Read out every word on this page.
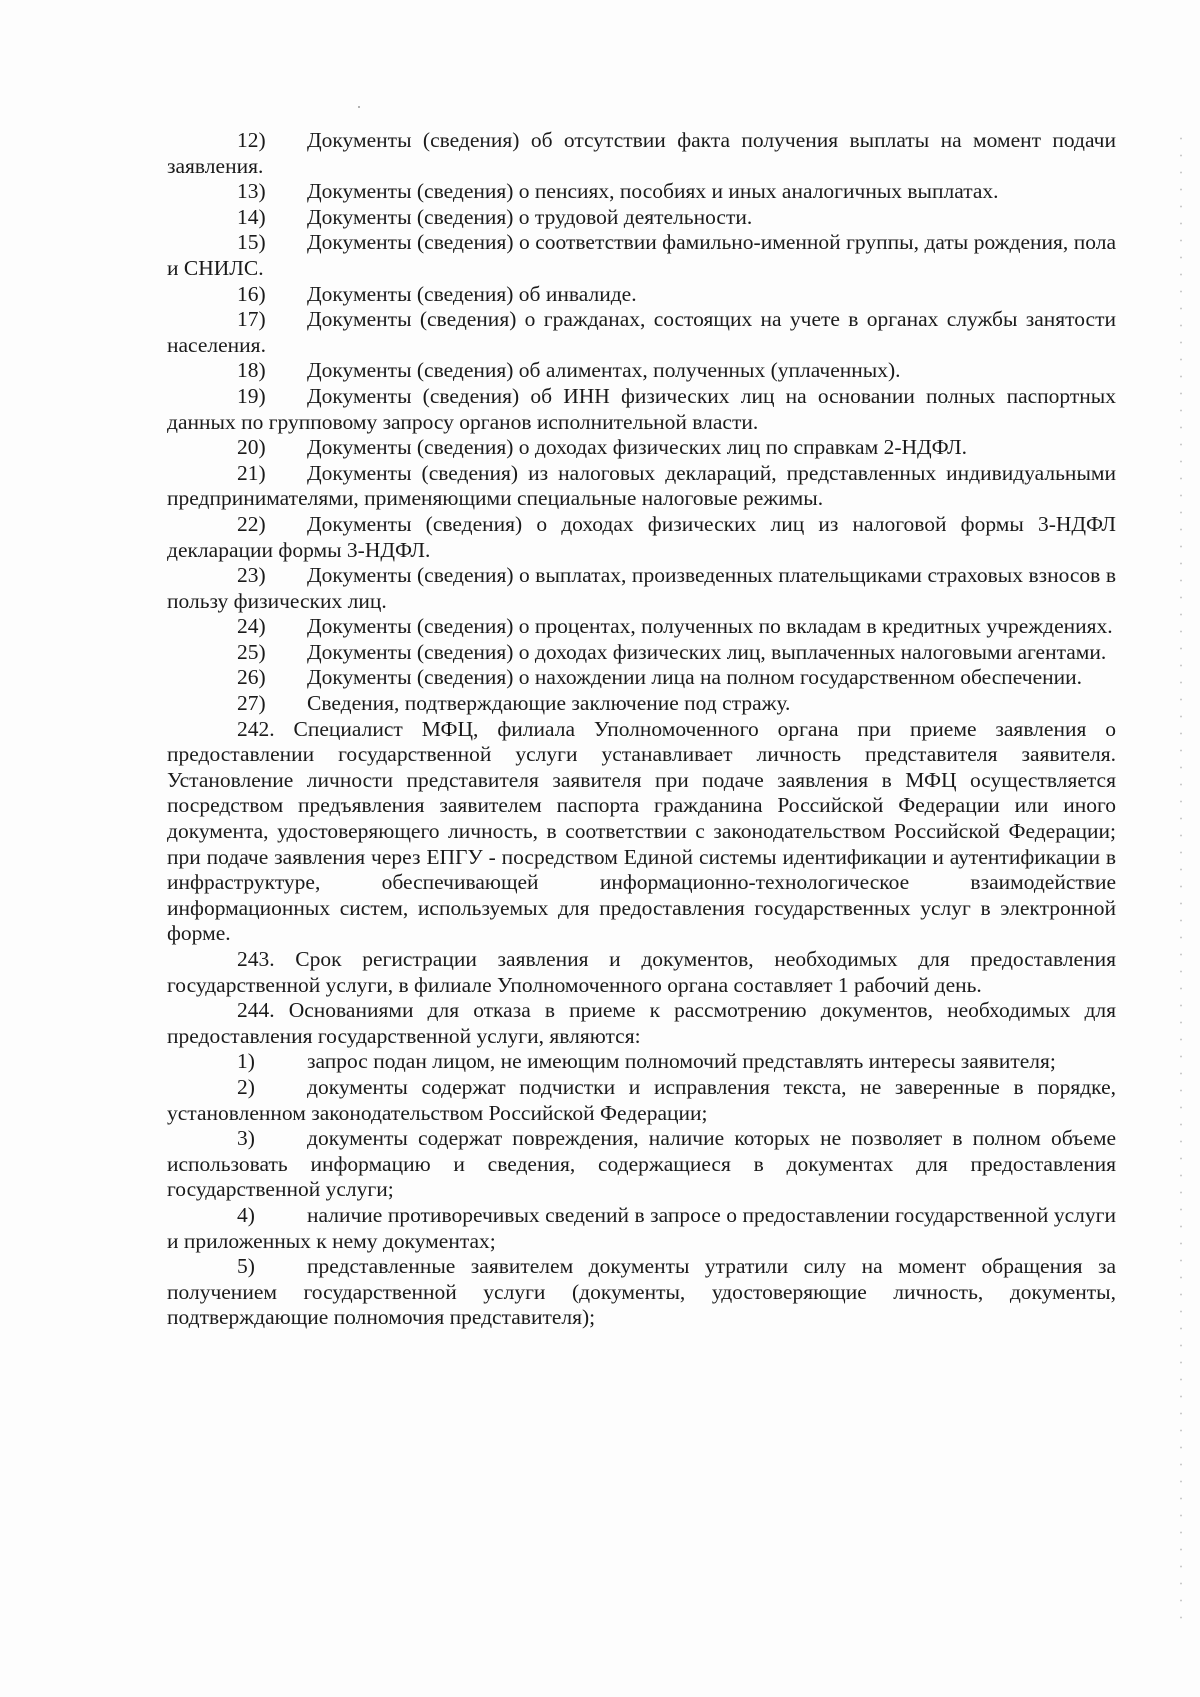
12) Документы (сведения) об отсутствии факта получения выплаты на момент подачи заявления.

13) Документы (сведения) о пенсиях, пособиях и иных аналогичных выплатах.

14) Документы (сведения) о трудовой деятельности.

15) Документы (сведения) о соответствии фамильно-именной группы, даты рождения, пола и СНИЛС.

16) Документы (сведения) об инвалиде.

17) Документы (сведения) о гражданах, состоящих на учете в органах службы занятости населения.

18) Документы (сведения) об алиментах, полученных (уплаченных).

19) Документы (сведения) об ИНН физических лиц на основании полных паспортных данных по групповому запросу органов исполнительной власти.

20) Документы (сведения) о доходах физических лиц по справкам 2-НДФЛ.

21) Документы (сведения) из налоговых деклараций, представленных индивидуальными предпринимателями, применяющими специальные налоговые режимы.

22) Документы (сведения) о доходах физических лиц из налоговой формы 3-НДФЛ декларации формы 3-НДФЛ.

23) Документы (сведения) о выплатах, произведенных плательщиками страховых взносов в пользу физических лиц.

24) Документы (сведения) о процентах, полученных по вкладам в кредитных учреждениях.

25) Документы (сведения) о доходах физических лиц, выплаченных налоговыми агентами.

26) Документы (сведения) о нахождении лица на полном государственном обеспечении.

27) Сведения, подтверждающие заключение под стражу.

242. Специалист МФЦ, филиала Уполномоченного органа при приеме заявления о предоставлении государственной услуги устанавливает личность представителя заявителя. Установление личности представителя заявителя при подаче заявления в МФЦ осуществляется посредством предъявления заявителем паспорта гражданина Российской Федерации или иного документа, удостоверяющего личность, в соответствии с законодательством Российской Федерации; при подаче заявления через ЕПГУ - посредством Единой системы идентификации и аутентификации в инфраструктуре, обеспечивающей информационно-технологическое взаимодействие информационных систем, используемых для предоставления государственных услуг в электронной форме.

243. Срок регистрации заявления и документов, необходимых для предоставления государственной услуги, в филиале Уполномоченного органа составляет 1 рабочий день.

244. Основаниями для отказа в приеме к рассмотрению документов, необходимых для предоставления государственной услуги, являются:

1) запрос подан лицом, не имеющим полномочий представлять интересы заявителя;

2) документы содержат подчистки и исправления текста, не заверенные в порядке, установленном законодательством Российской Федерации;

3) документы содержат повреждения, наличие которых не позволяет в полном объеме использовать информацию и сведения, содержащиеся в документах для предоставления государственной услуги;

4) наличие противоречивых сведений в запросе о предоставлении государственной услуги и приложенных к нему документах;

5) представленные заявителем документы утратили силу на момент обращения за получением государственной услуги (документы, удостоверяющие личность, документы, подтверждающие полномочия представителя);
